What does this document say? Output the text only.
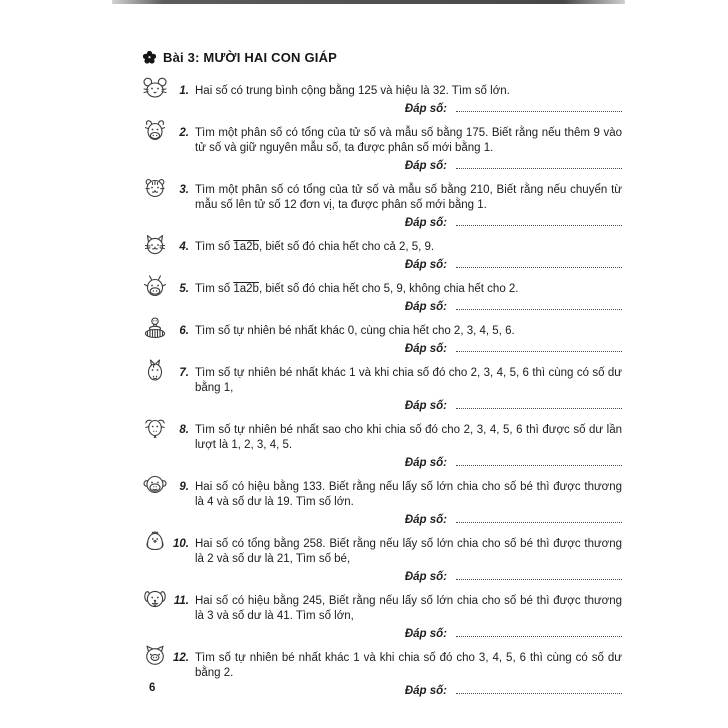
Bài 3: MƯỜI HAI CON GIÁP
1. Hai số có trung bình cộng bằng 125 và hiệu là 32. Tìm số lớn.
Đáp số:
2. Tìm một phân số có tổng của tử số và mẫu số bằng 175. Biết rằng nếu thêm 9 vào tử số và giữ nguyên mẫu số, ta được phân số mới bằng 1.
Đáp số:
3. Tìm một phân số có tổng của tử số và mẫu số bằng 210, Biết rằng nếu chuyển từ mẫu số lên tử số 12 đơn vị, ta được phân số mới bằng 1.
Đáp số:
4. Tìm số 1a2b, biết số đó chia hết cho cả 2, 5, 9.
Đáp số:
5. Tìm số 1a2b, biết số đó chia hết cho 5, 9, không chia hết cho 2.
Đáp số:
6. Tìm số tự nhiên bé nhất khác 0, cùng chia hết cho 2, 3, 4, 5, 6.
Đáp số:
7. Tìm số tự nhiên bé nhất khác 1 và khi chia số đó cho 2, 3, 4, 5, 6 thì cùng có số dư bằng 1,
Đáp số:
8. Tìm số tự nhiên bé nhất sao cho khi chia số đó cho 2, 3, 4, 5, 6 thì được số dư lần lượt là 1, 2, 3, 4, 5.
Đáp số:
9. Hai số có hiệu bằng 133. Biết rằng nếu lấy số lớn chia cho số bé thì được thương là 4 và số dư là 19. Tìm số lớn.
Đáp số:
10. Hai số có tổng bằng 258. Biết rằng nếu lấy số lớn chia cho số bé thì được thương là 2 và số dư là 21, Tìm số bé,
Đáp số:
11. Hai số có hiệu bằng 245, Biết rằng nếu lấy số lớn chia cho số bé thì được thương là 3 và số dư là 41. Tìm số lớn,
Đáp số:
12. Tìm số tự nhiên bé nhất khác 1 và khi chia số đó cho 3, 4, 5, 6 thì cùng có số dư bằng 2.
Đáp số:
6
